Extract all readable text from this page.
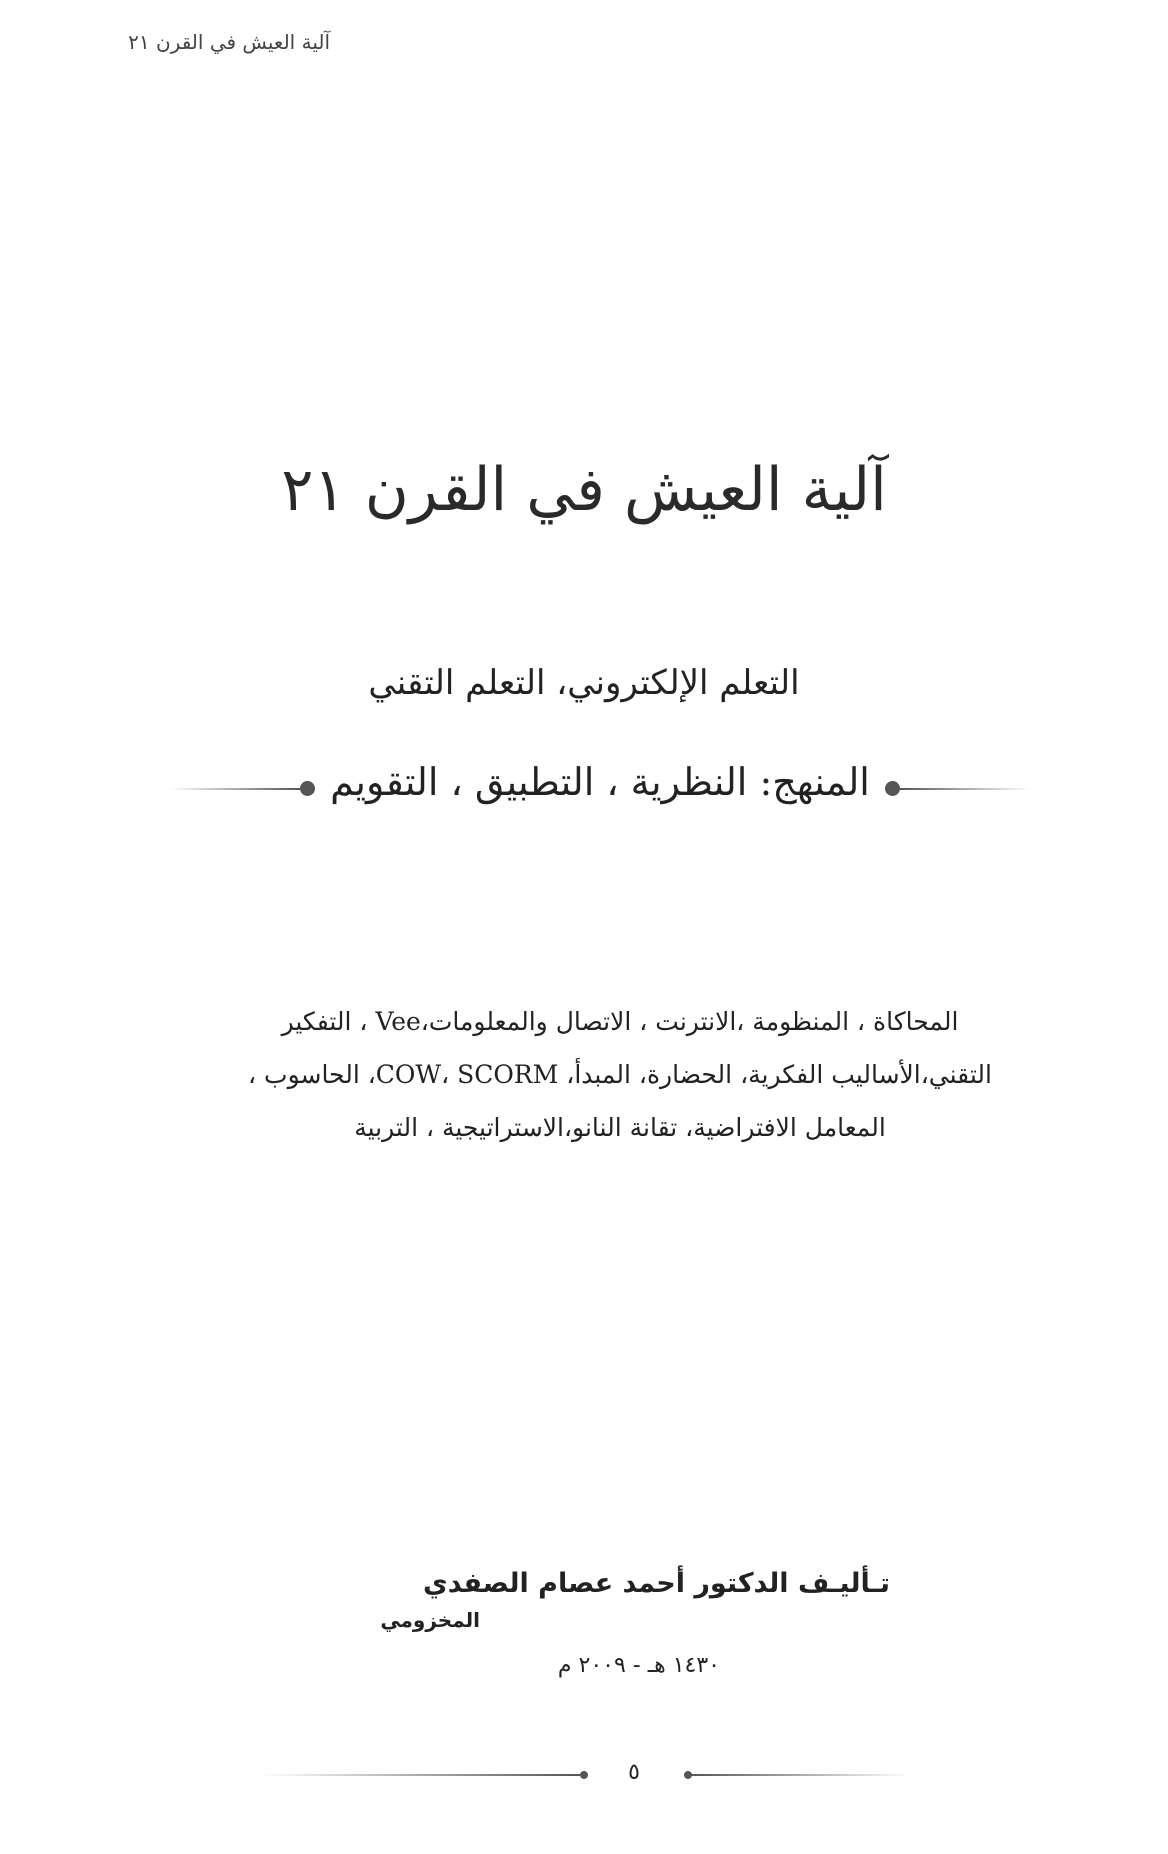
آلية العيش في القرن ٢١
آلية العيش في القرن ٢١
التعلم الإلكتروني، التعلم التقني
المنهج: النظرية ، التطبيق ، التقويم
المحاكاة ، المنظومة ،الانترنت ، الاتصال والمعلومات،Vee ، التفكير
التقني،الأساليب الفكرية، الحضارة، المبدأ، COW، SCORM، الحاسوب ،
المعامل الافتراضية، تقانة النانو،الاستراتيجية ، التربية
تـأليـف الدكتور أحمد عصام الصفدي
المخزومي
١٤٣٠ هـ - ٢٠٠٩ م
٥
